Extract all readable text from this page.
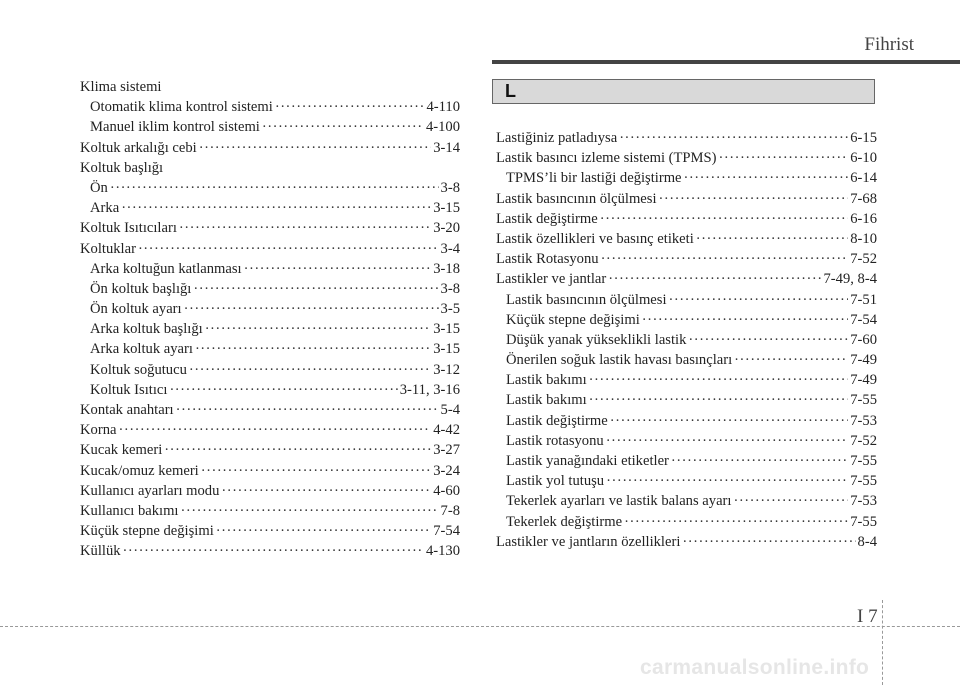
Fihrist
Klima sistemi
Otomatik klima kontrol sistemi ·····	4-110
Manuel iklim kontrol sistemi ·····	4-100
Koltuk arkalığı cebi ·····	3-14
Koltuk başlığı
Ön ·····	3-8
Arka ·····	3-15
Koltuk Isıtıcıları ·····	3-20
Koltuklar ·····	3-4
Arka koltuğun katlanması ·····	3-18
Ön koltuk başlığı ·····	3-8
Ön koltuk ayarı ·····	3-5
Arka koltuk başlığı ·····	3-15
Arka koltuk ayarı ·····	3-15
Koltuk soğutucu ·····	3-12
Koltuk Isıtıcı ·····	3-11, 3-16
Kontak anahtarı ·····	5-4
Korna ·····	4-42
Kucak kemeri ·····	3-27
Kucak/omuz kemeri ·····	3-24
Kullanıcı ayarları modu ·····	4-60
Kullanıcı bakımı ·····	7-8
Küçük stepne değişimi ·····	7-54
Küllük ·····	4-130
L
Lastiğiniz patladıysa ·····	6-15
Lastik basıncı izleme sistemi (TPMS) ·····	6-10
TPMS’li bir lastiği değiştirme ·····	6-14
Lastik basıncının ölçülmesi ·····	7-68
Lastik değiştirme ·····	6-16
Lastik özellikleri ve basınç etiketi ·····	8-10
Lastik Rotasyonu ·····	7-52
Lastikler ve jantlar ·····	7-49, 8-4
Lastik basıncının ölçülmesi ·····	7-51
Küçük stepne değişimi ·····	7-54
Düşük yanak yükseklikli lastik ·····	7-60
Önerilen soğuk lastik havası basınçları ·····	7-49
Lastik bakımı ·····	7-49
Lastik bakımı ·····	7-55
Lastik değiştirme ·····	7-53
Lastik rotasyonu ·····	7-52
Lastik yanağındaki etiketler ·····	7-55
Lastik yol tutuşu ·····	7-55
Tekerlek ayarları ve lastik balans ayarı ·····	7-53
Tekerlek değiştirme ·····	7-55
Lastikler ve jantların özellikleri ·····	8-4
I 7
carmanualsonline.info
